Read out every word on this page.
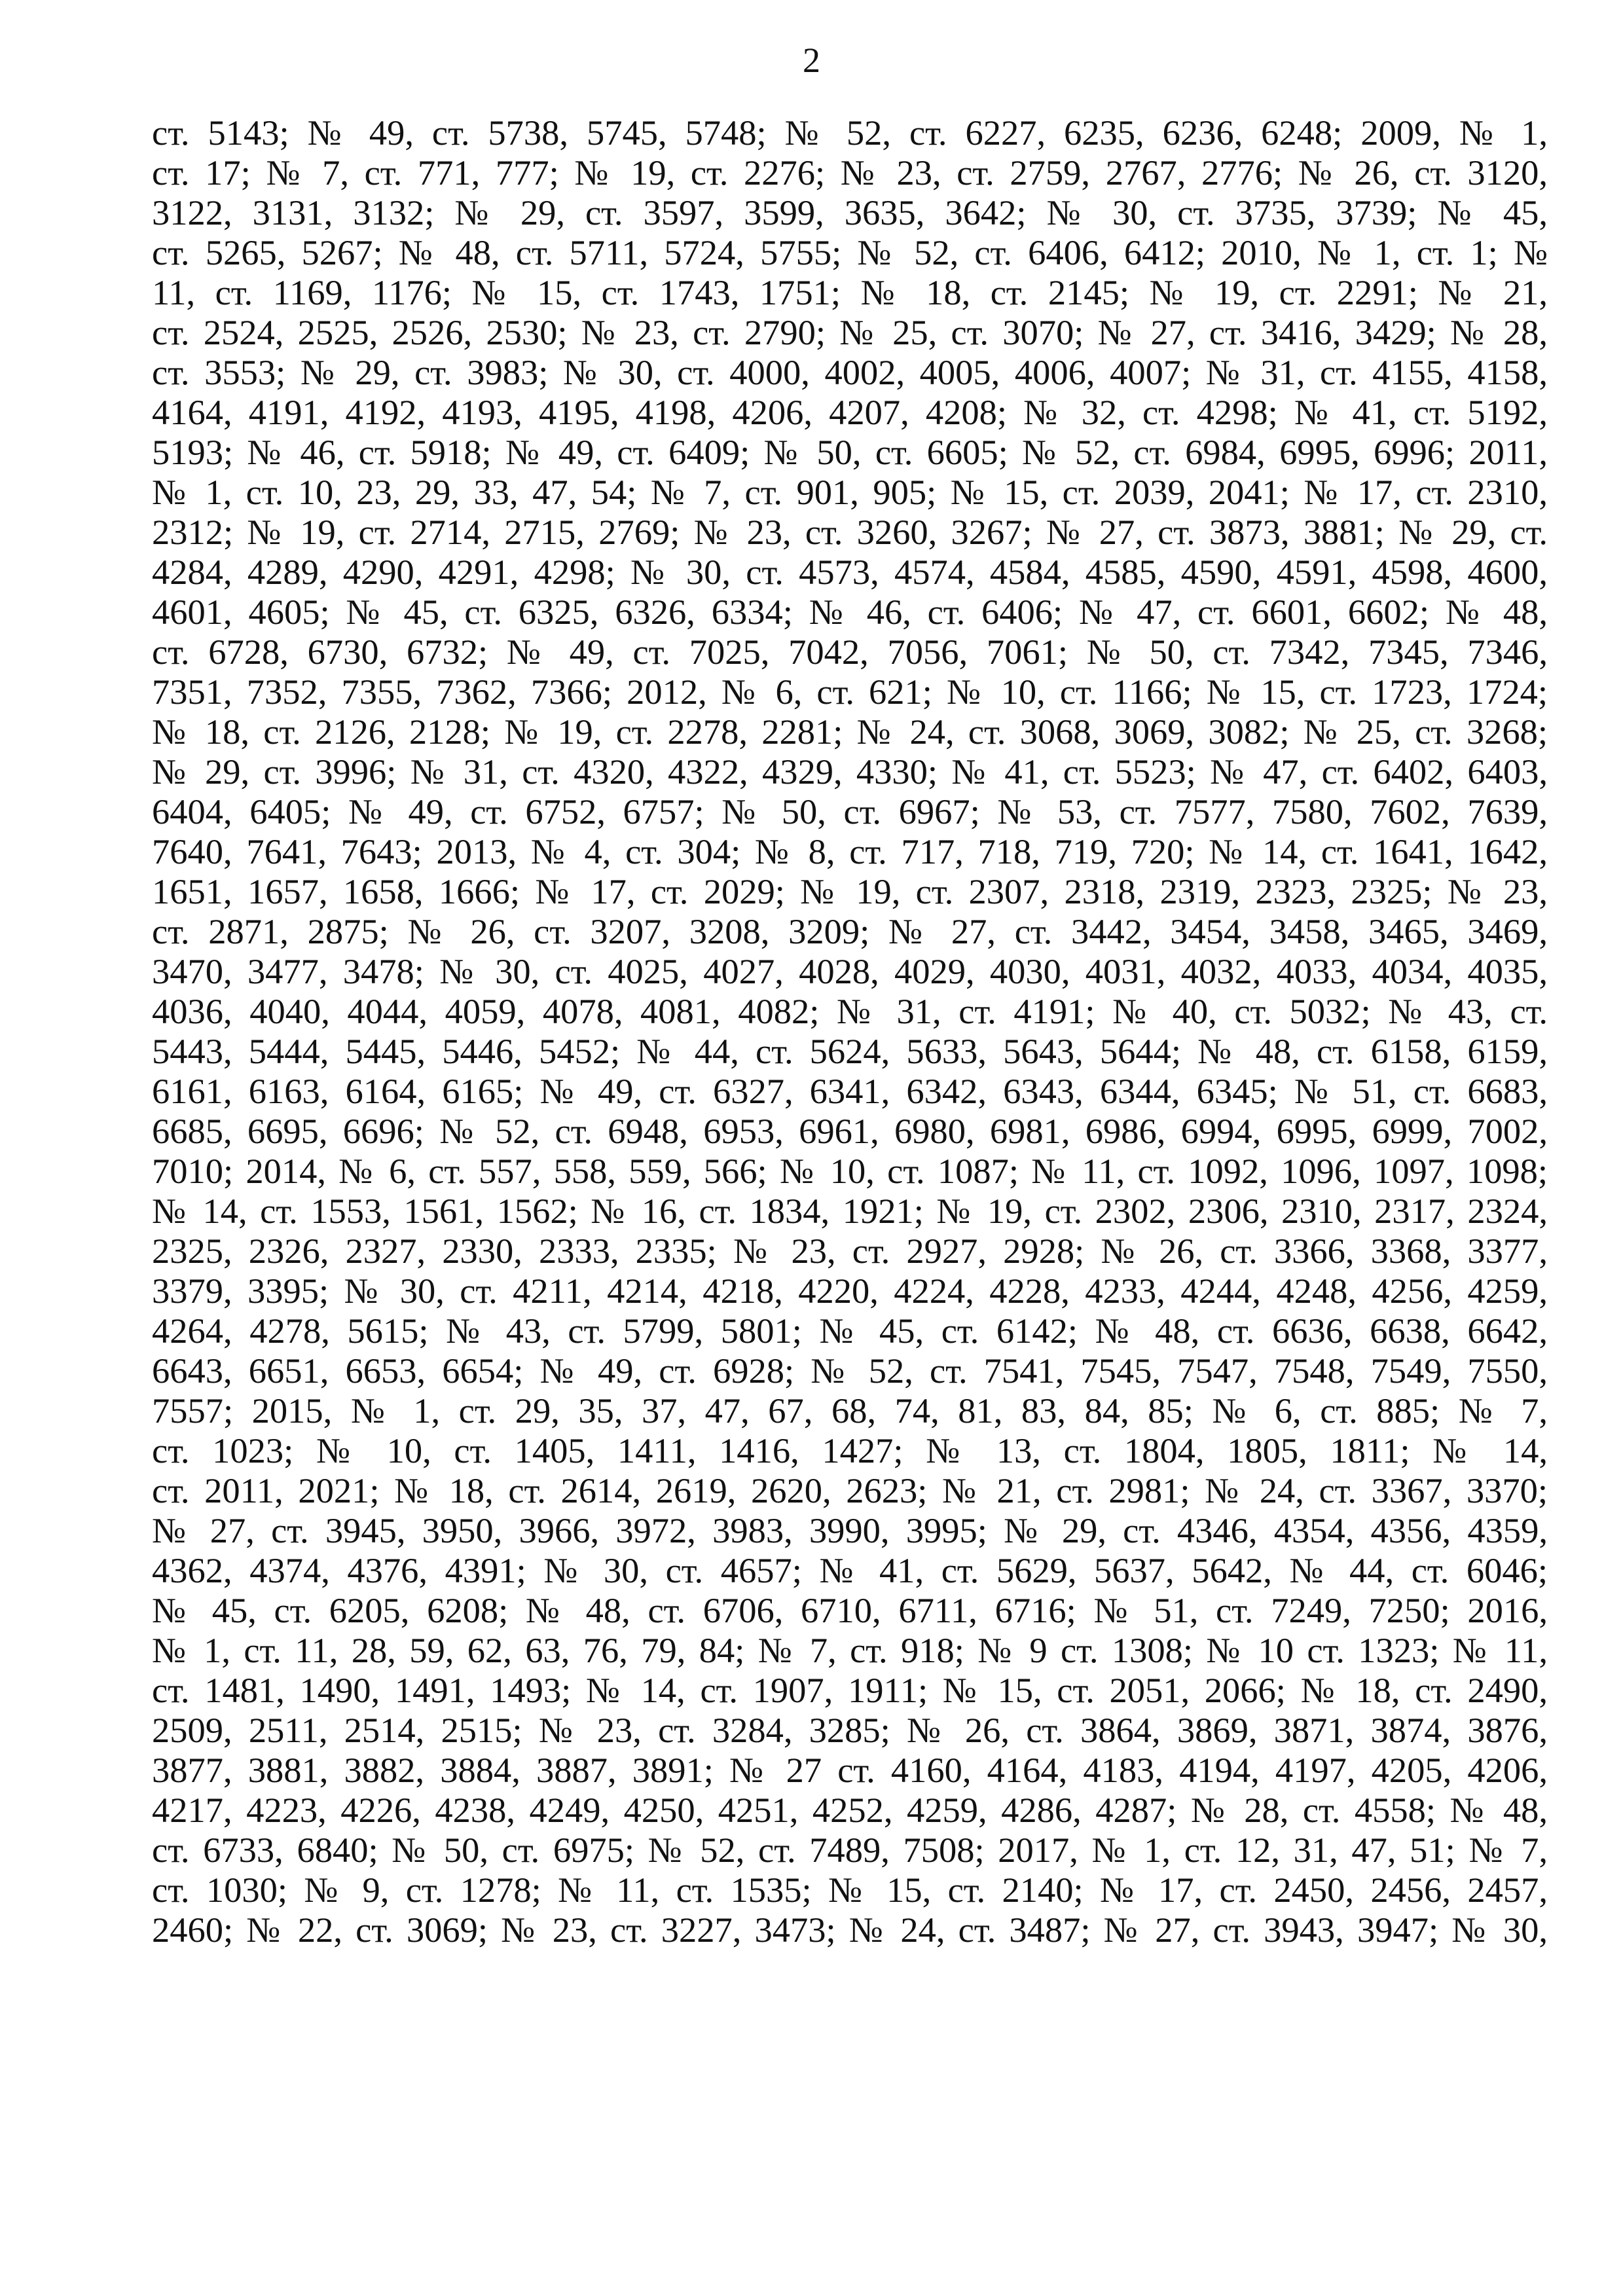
2
ст. 5143; № 49, ст. 5738, 5745, 5748; № 52, ст. 6227, 6235, 6236, 6248; 2009, № 1,
ст. 17; № 7, ст. 771, 777; № 19, ст. 2276; № 23, ст. 2759, 2767, 2776; № 26, ст. 3120,
3122, 3131, 3132; № 29, ст. 3597, 3599, 3635, 3642; № 30, ст. 3735, 3739; № 45,
ст. 5265, 5267; № 48, ст. 5711, 5724, 5755; № 52, ст. 6406, 6412; 2010, № 1, ст. 1; №
11, ст. 1169, 1176; № 15, ст. 1743, 1751; № 18, ст. 2145; № 19, ст. 2291; № 21,
ст. 2524, 2525, 2526, 2530; № 23, ст. 2790; № 25, ст. 3070; № 27, ст. 3416, 3429; № 28,
ст. 3553; № 29, ст. 3983; № 30, ст. 4000, 4002, 4005, 4006, 4007; № 31, ст. 4155, 4158,
4164, 4191, 4192, 4193, 4195, 4198, 4206, 4207, 4208; № 32, ст. 4298; № 41, ст. 5192,
5193; № 46, ст. 5918; № 49, ст. 6409; № 50, ст. 6605; № 52, ст. 6984, 6995, 6996; 2011,
№ 1, ст. 10, 23, 29, 33, 47, 54; № 7, ст. 901, 905; № 15, ст. 2039, 2041; № 17, ст. 2310,
2312; № 19, ст. 2714, 2715, 2769; № 23, ст. 3260, 3267; № 27, ст. 3873, 3881; № 29, ст.
4284, 4289, 4290, 4291, 4298; № 30, ст. 4573, 4574, 4584, 4585, 4590, 4591, 4598, 4600,
4601, 4605; № 45, ст. 6325, 6326, 6334; № 46, ст. 6406; № 47, ст. 6601, 6602; № 48,
ст. 6728, 6730, 6732; № 49, ст. 7025, 7042, 7056, 7061; № 50, ст. 7342, 7345, 7346,
7351, 7352, 7355, 7362, 7366; 2012, № 6, ст. 621; № 10, ст. 1166; № 15, ст. 1723, 1724;
№ 18, ст. 2126, 2128; № 19, ст. 2278, 2281; № 24, ст. 3068, 3069, 3082; № 25, ст. 3268;
№ 29, ст. 3996; № 31, ст. 4320, 4322, 4329, 4330; № 41, ст. 5523; № 47, ст. 6402, 6403,
6404, 6405; № 49, ст. 6752, 6757; № 50, ст. 6967; № 53, ст. 7577, 7580, 7602, 7639,
7640, 7641, 7643; 2013, № 4, ст. 304; № 8, ст. 717, 718, 719, 720; № 14, ст. 1641, 1642,
1651, 1657, 1658, 1666; № 17, ст. 2029; № 19, ст. 2307, 2318, 2319, 2323, 2325; № 23,
ст. 2871, 2875; № 26, ст. 3207, 3208, 3209; № 27, ст. 3442, 3454, 3458, 3465, 3469,
3470, 3477, 3478; № 30, ст. 4025, 4027, 4028, 4029, 4030, 4031, 4032, 4033, 4034, 4035,
4036, 4040, 4044, 4059, 4078, 4081, 4082; № 31, ст. 4191; № 40, ст. 5032; № 43, ст.
5443, 5444, 5445, 5446, 5452; № 44, ст. 5624, 5633, 5643, 5644; № 48, ст. 6158, 6159,
6161, 6163, 6164, 6165; № 49, ст. 6327, 6341, 6342, 6343, 6344, 6345; № 51, ст. 6683,
6685, 6695, 6696; № 52, ст. 6948, 6953, 6961, 6980, 6981, 6986, 6994, 6995, 6999, 7002,
7010; 2014, № 6, ст. 557, 558, 559, 566; № 10, ст. 1087; № 11, ст. 1092, 1096, 1097, 1098;
№ 14, ст. 1553, 1561, 1562; № 16, ст. 1834, 1921; № 19, ст. 2302, 2306, 2310, 2317, 2324,
2325, 2326, 2327, 2330, 2333, 2335; № 23, ст. 2927, 2928; № 26, ст. 3366, 3368, 3377,
3379, 3395; № 30, ст. 4211, 4214, 4218, 4220, 4224, 4228, 4233, 4244, 4248, 4256, 4259,
4264, 4278, 5615; № 43, ст. 5799, 5801; № 45, ст. 6142; № 48, ст. 6636, 6638, 6642,
6643, 6651, 6653, 6654; № 49, ст. 6928; № 52, ст. 7541, 7545, 7547, 7548, 7549, 7550,
7557; 2015, № 1, ст. 29, 35, 37, 47, 67, 68, 74, 81, 83, 84, 85; № 6, ст. 885; № 7,
ст. 1023; № 10, ст. 1405, 1411, 1416, 1427; № 13, ст. 1804, 1805, 1811; № 14,
ст. 2011, 2021; № 18, ст. 2614, 2619, 2620, 2623; № 21, ст. 2981; № 24, ст. 3367, 3370;
№ 27, ст. 3945, 3950, 3966, 3972, 3983, 3990, 3995; № 29, ст. 4346, 4354, 4356, 4359,
4362, 4374, 4376, 4391; № 30, ст. 4657; № 41, ст. 5629, 5637, 5642, № 44, ст. 6046;
№ 45, ст. 6205, 6208; № 48, ст. 6706, 6710, 6711, 6716; № 51, ст. 7249, 7250; 2016,
№ 1, ст. 11, 28, 59, 62, 63, 76, 79, 84; № 7, ст. 918; № 9 ст. 1308; № 10 ст. 1323; № 11,
ст. 1481, 1490, 1491, 1493; № 14, ст. 1907, 1911; № 15, ст. 2051, 2066; № 18, ст. 2490,
2509, 2511, 2514, 2515; № 23, ст. 3284, 3285; № 26, ст. 3864, 3869, 3871, 3874, 3876,
3877, 3881, 3882, 3884, 3887, 3891; № 27 ст. 4160, 4164, 4183, 4194, 4197, 4205, 4206,
4217, 4223, 4226, 4238, 4249, 4250, 4251, 4252, 4259, 4286, 4287; № 28, ст. 4558; № 48,
ст. 6733, 6840; № 50, ст. 6975; № 52, ст. 7489, 7508; 2017, № 1, ст. 12, 31, 47, 51; № 7,
ст. 1030; № 9, ст. 1278; № 11, ст. 1535; № 15, ст. 2140; № 17, ст. 2450, 2456, 2457,
2460; № 22, ст. 3069; № 23, ст. 3227, 3473; № 24, ст. 3487; № 27, ст. 3943, 3947; № 30,
